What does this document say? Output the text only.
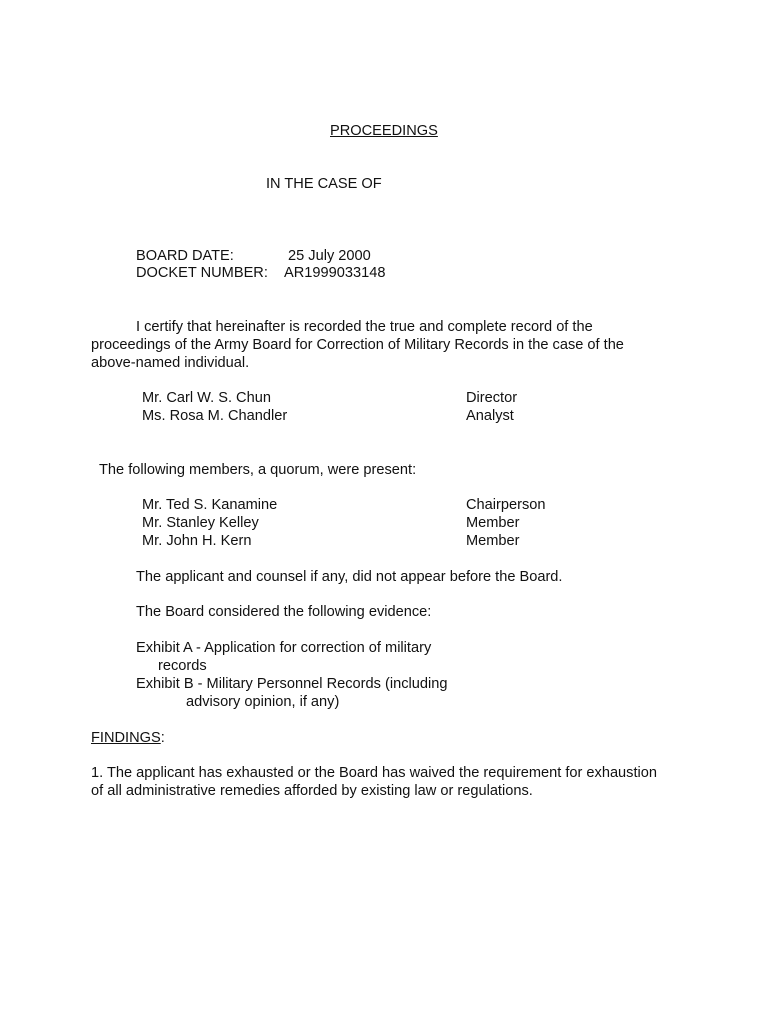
PROCEEDINGS
IN THE CASE OF
BOARD DATE:	25 July 2000
DOCKET NUMBER: AR1999033148
I certify that hereinafter is recorded the true and complete record of the proceedings of the Army Board for Correction of Military Records in the case of the above-named individual.
Mr. Carl W. S. Chun	Director
Ms. Rosa M. Chandler	Analyst
The following members, a quorum, were present:
Mr. Ted S. Kanamine	Chairperson
Mr. Stanley Kelley	Member
Mr. John H. Kern	Member
The applicant and counsel if any, did not appear before the Board.
The Board considered the following evidence:
Exhibit A - Application for correction of military
records
Exhibit B - Military Personnel Records (including
advisory opinion, if any)
FINDINGS:
1. The applicant has exhausted or the Board has waived the requirement for exhaustion of all administrative remedies afforded by existing law or regulations.
